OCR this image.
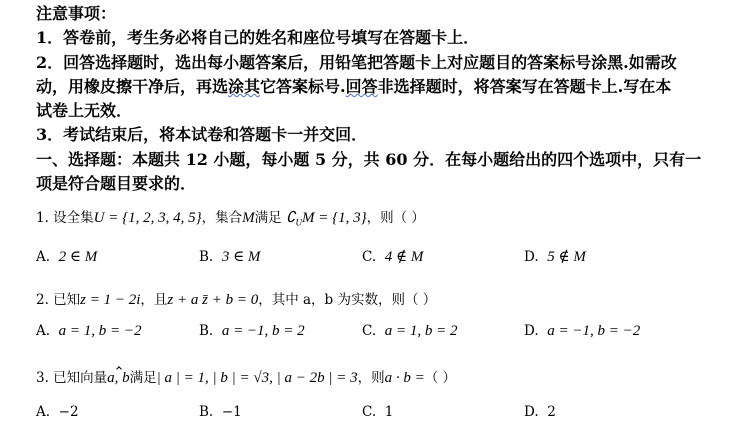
注意事项：
1．答卷前，考生务必将自己的姓名和座位号填写在答题卡上．
2．回答选择题时，选出每小题答案后，用铅笔把答题卡上对应题目的答案标号涂黑.如需改
动，用橡皮擦干净后，再选涂其它答案标号.回答非选择题时，将答案写在答题卡上.写在本
试卷上无效．
3．考试结束后，将本试卷和答题卡一并交回．
一、选择题：本题共 12 小题，每小题 5 分，共 60 分．在每小题给出的四个选项中，只有一
项是符合题目要求的．
1. 设全集U = {1, 2, 3, 4, 5}，集合M满足 $∁_UM = \{1$, 3}，则（ ）
A. 2 ∈ M	B. 3 ∈ M	C. 4 ∉ M	D. 5 ∉ M
2. 已知z = 1 − 2i，且z + a z̄ + b = 0，其中 a，b 为实数，则（ ）
A. a = 1, b = −2	B. a = −1, b = 2	C. a = 1, b = 2	D. a = −1, b = −2
3. 已知向量a, b满足| a | = 1, | b | = √3, | a − 2b | = 3，则a · b =（ ）
A. −2	B. −1	C. 1	D. 2
